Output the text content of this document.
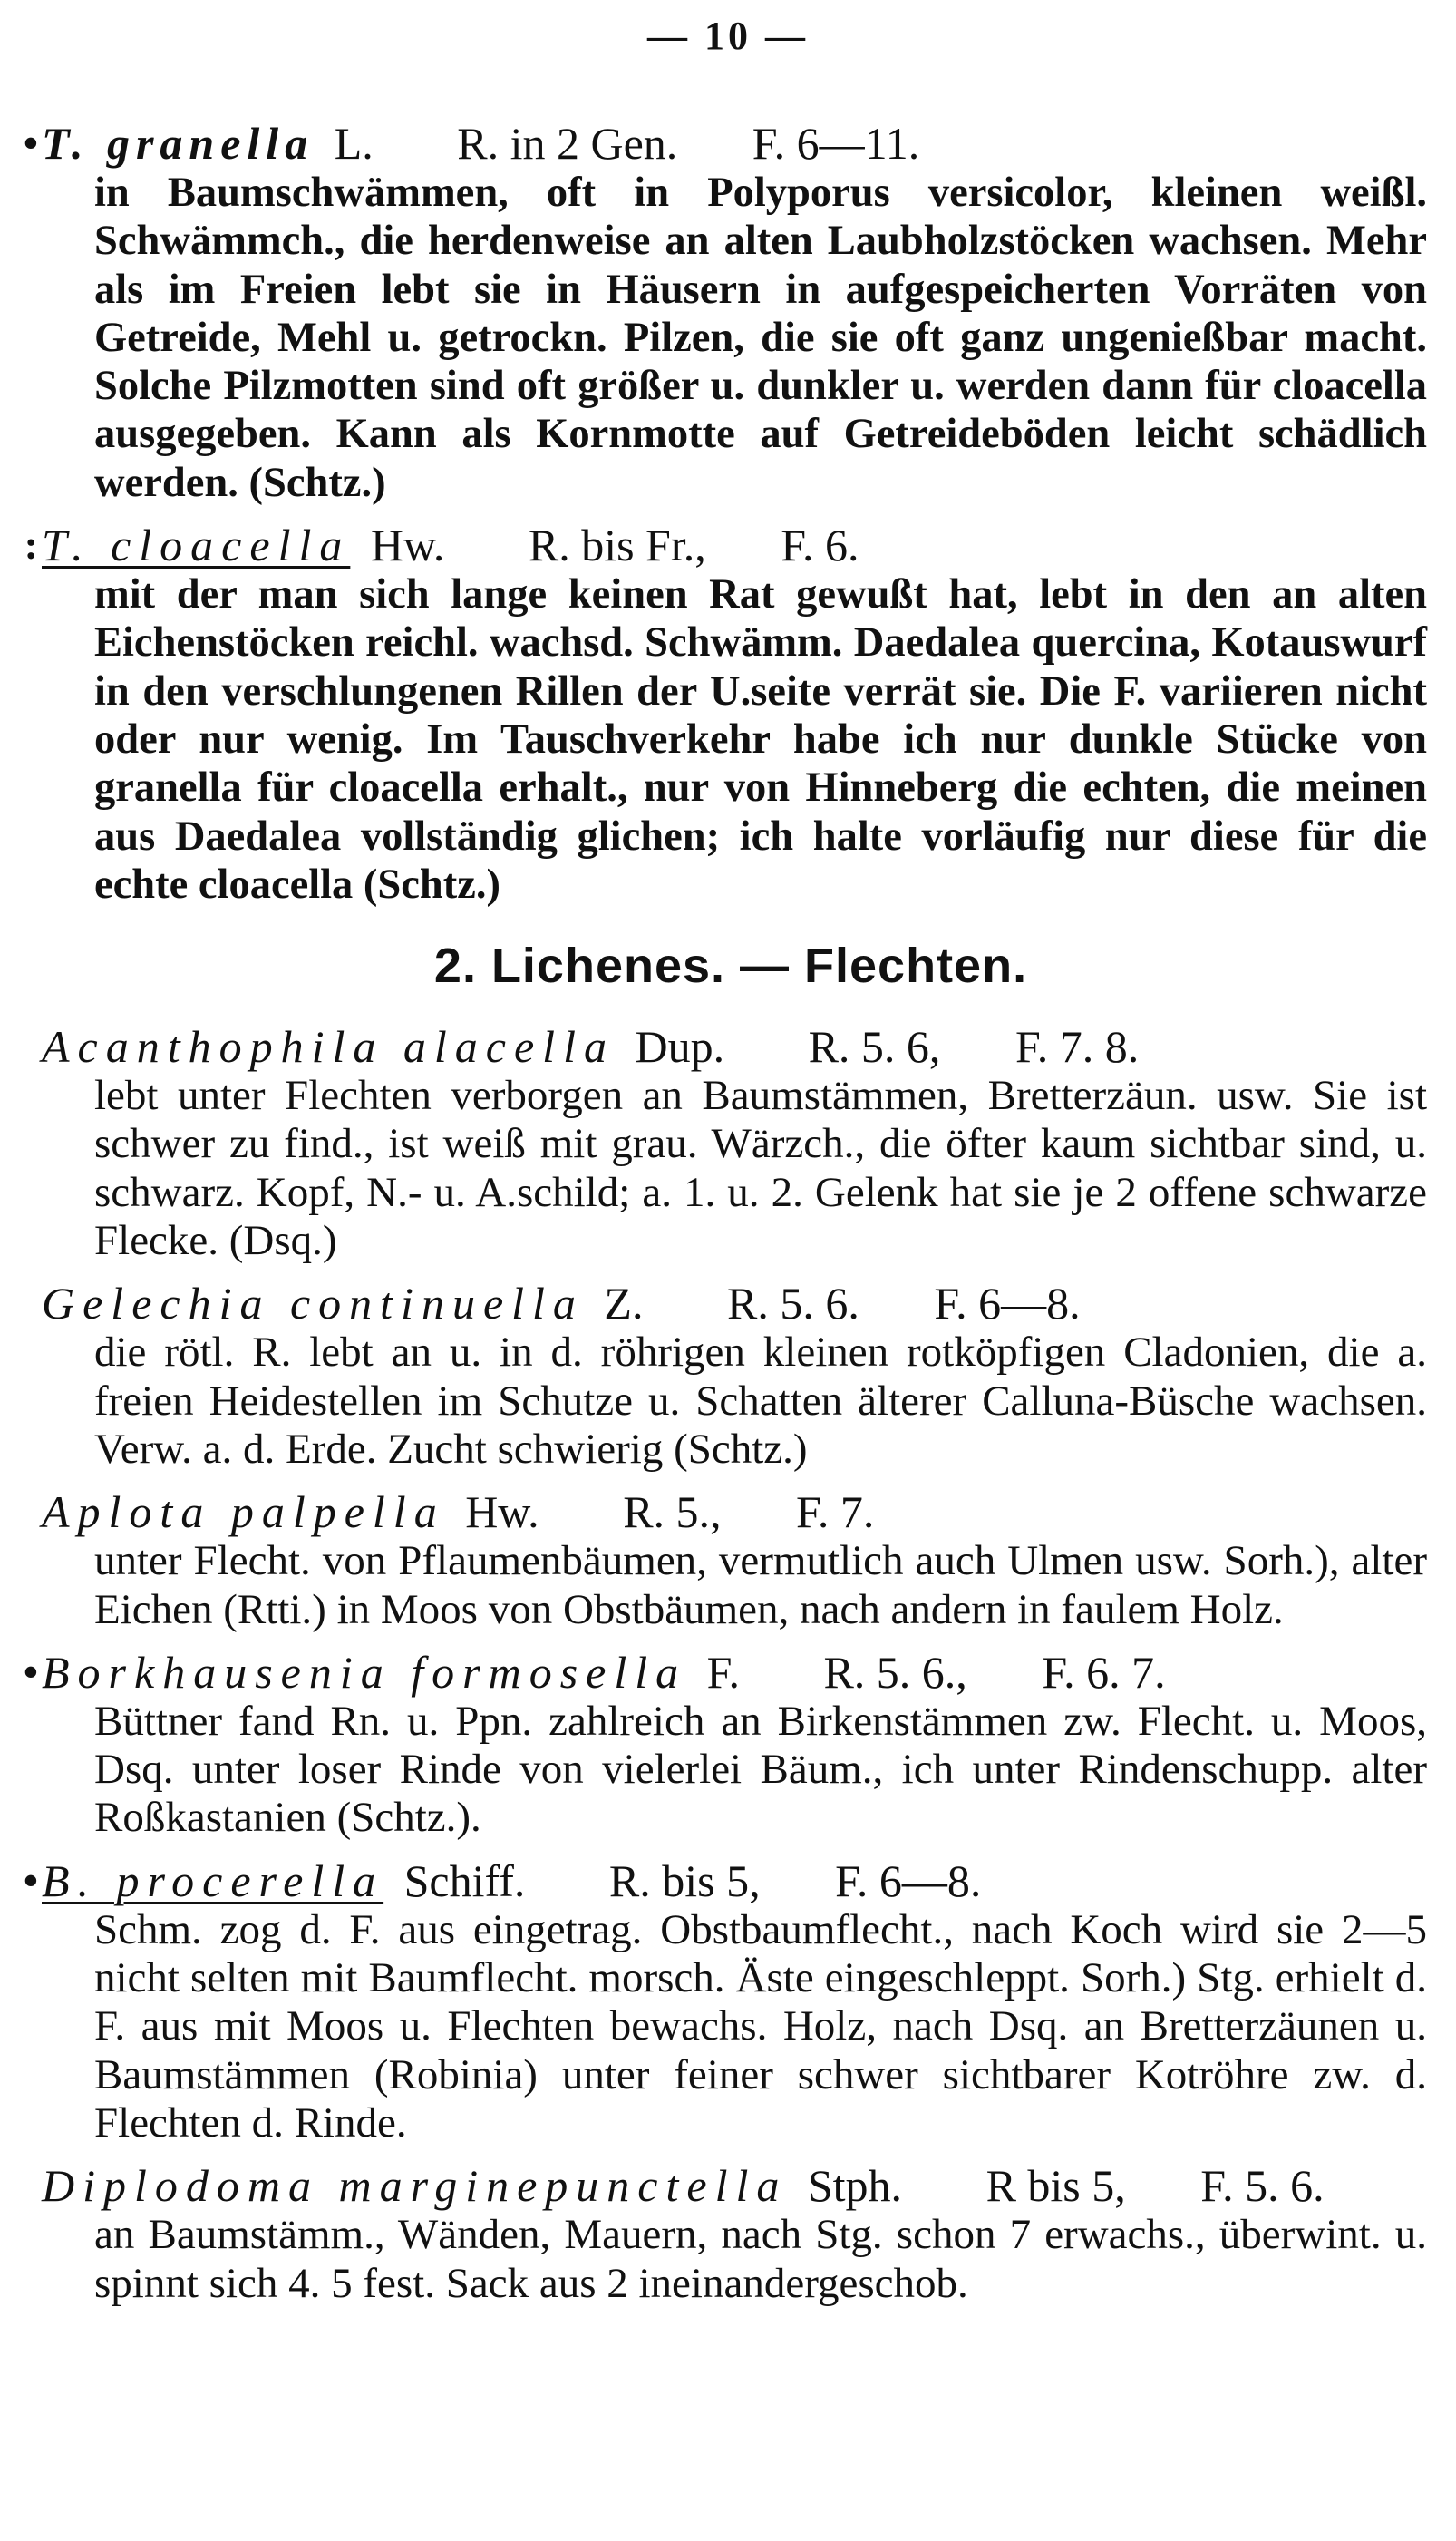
— 10 —
• T. granella L. R. in 2 Gen. F. 6—11.
in Baumschwämmen, oft in Polyporus versicolor, kleinen weißl. Schwämmch., die herdenweise an alten Laubholzstöcken wachsen. Mehr als im Freien lebt sie in Häusern in aufgespeicherten Vorräten von Getreide, Mehl u. getrockn. Pilzen, die sie oft ganz ungenießbar macht. Solche Pilzmotten sind oft größer u. dunkler u. werden dann für cloacella ausgegeben. Kann als Kornmotte auf Getreideböden leicht schädlich werden. (Schtz.)
: T. cloacella Hw. R. bis Fr., F. 6.
mit der man sich lange keinen Rat gewußt hat, lebt in den an alten Eichenstöcken reichl. wachsd. Schwämm. Daedalea quercina, Kotauswurf in den verschlungenen Rillen der U.seite verrät sie. Die F. variieren nicht oder nur wenig. Im Tauschverkehr habe ich nur dunkle Stücke von granella für cloacella erhalt., nur von Hinneberg die echten, die meinen aus Daedalea vollständig glichen; ich halte vorläufig nur diese für die echte cloacella (Schtz.)
2. Lichenes. — Flechten.
Acanthophila alacella Dup. R. 5. 6, F. 7. 8.
lebt unter Flechten verborgen an Baumstämmen, Bretterzäun. usw. Sie ist schwer zu find., ist weiß mit grau. Wärzch., die öfter kaum sichtbar sind, u. schwarz. Kopf, N.- u. A.schild; a. 1. u. 2. Gelenk hat sie je 2 offene schwarze Flecke. (Dsq.)
Gelechia continuella Z. R. 5. 6. F. 6—8.
die rötl. R. lebt an u. in d. röhrigen kleinen rotköpfigen Cladonien, die a. freien Heidestellen im Schutze u. Schatten älterer Calluna-Büsche wachsen. Verw. a. d. Erde. Zucht schwierig (Schtz.)
Aplota palpella Hw. R. 5., F. 7.
unter Flecht. von Pflaumenbäumen, vermutlich auch Ulmen usw. Sorh.), alter Eichen (Rtti.) in Moos von Obstbäumen, nach andern in faulem Holz.
• Borkhausenia formosella F. R. 5. 6., F. 6. 7.
Büttner fand Rn. u. Ppn. zahlreich an Birkenstämmen zw. Flecht. u. Moos, Dsq. unter loser Rinde von vielerlei Bäum., ich unter Rindenschupp. alter Roßkastanien (Schtz.).
• B. procerella Schiff. R. bis 5, F. 6—8.
Schm. zog d. F. aus eingetrag. Obstbaumflecht., nach Koch wird sie 2—5 nicht selten mit Baumflecht. morsch. Äste eingeschleppt. Sorh.) Stg. erhielt d. F. aus mit Moos u. Flechten bewachs. Holz, nach Dsq. an Bretterzäunen u. Baumstämmen (Robinia) unter feiner schwer sichtbarer Kotröhre zw. d. Flechten d. Rinde.
Diplodoma marginepunctella Stph. R bis 5, F. 5. 6.
an Baumstämm., Wänden, Mauern, nach Stg. schon 7 erwachs., überwint. u. spinnt sich 4. 5 fest. Sack aus 2 ineinandergeschob.
